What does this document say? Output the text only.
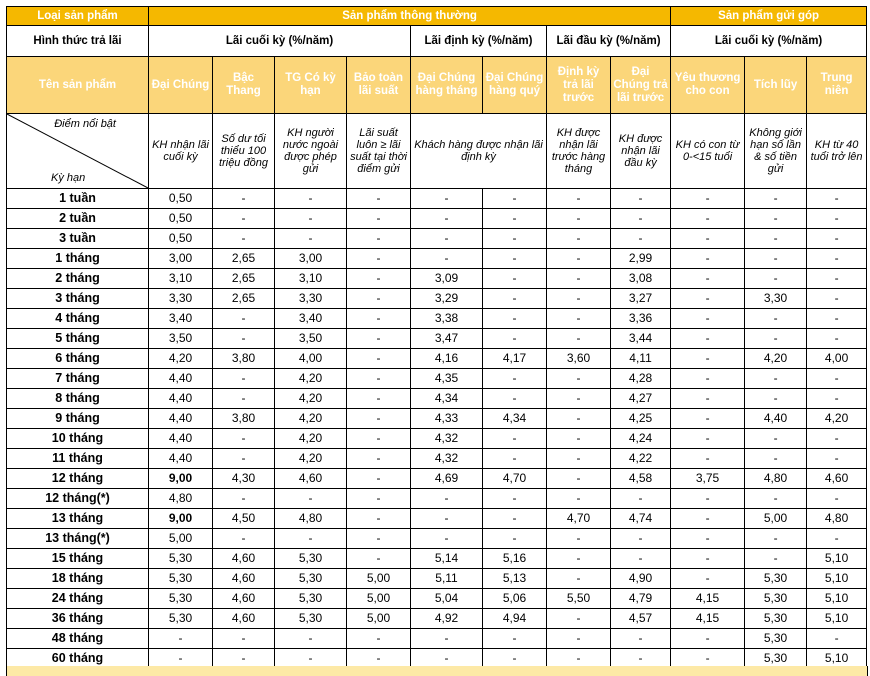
Loại sản phẩm	Sản phẩm thông thường								Sản phẩm gửi góp		
Hình thức trả lãi	Lãi cuối kỳ (%/năm)				Lãi định kỳ (%/năm)		Lãi đầu kỳ (%/năm)		Lãi cuối kỳ (%/năm)		
Tên sản phẩm	Đại Chúng	Bậc Thang	TG Có kỳ hạn	Bảo toàn lãi suất	Đại Chúng hàng tháng	Đại Chúng hàng quý	Định kỳ trả lãi trước	Đại Chúng trả lãi trước	Yêu thương cho con	Tích lũy	Trung niên

Điểm nổi bật
Kỳ hạn	KH nhận lãi cuối kỳ	Số dư tối thiểu 100 triệu đồng	KH người nước ngoài được phép gửi	Lãi suất luôn ≥ lãi suất tại thời điểm gửi	Khách hàng được nhận lãi định kỳ		KH được nhận lãi trước hàng tháng	KH được nhận lãi đầu kỳ	KH có con từ 0-<15 tuổi	Không giới hạn số lần & số tiền gửi	KH từ 40 tuổi trở lên
1 tuần	0,50	-	-	-	-	-	-	-	-	-	-
2 tuần	0,50	-	-	-	-	-	-	-	-	-	-
3 tuần	0,50	-	-	-	-	-	-	-	-	-	-
1 tháng	3,00	2,65	3,00	-	-	-	-	2,99	-	-	-
2 tháng	3,10	2,65	3,10	-	3,09	-	-	3,08	-	-	-
3 tháng	3,30	2,65	3,30	-	3,29	-	-	3,27	-	3,30	-
4 tháng	3,40	-	3,40	-	3,38	-	-	3,36	-	-	-
5 tháng	3,50	-	3,50	-	3,47	-	-	3,44	-	-	-
6 tháng	4,20	3,80	4,00	-	4,16	4,17	3,60	4,11	-	4,20	4,00
7 tháng	4,40	-	4,20	-	4,35	-	-	4,28	-	-	-
8 tháng	4,40	-	4,20	-	4,34	-	-	4,27	-	-	-
9 tháng	4,40	3,80	4,20	-	4,33	4,34	-	4,25	-	4,40	4,20
10 tháng	4,40	-	4,20	-	4,32	-	-	4,24	-	-	-
11 tháng	4,40	-	4,20	-	4,32	-	-	4,22	-	-	-
12 tháng	9,00	4,30	4,60	-	4,69	4,70	-	4,58	3,75	4,80	4,60
12 tháng(*)	4,80	-	-	-	-	-	-	-	-	-	-
13 tháng	9,00	4,50	4,80	-	-	-	4,70	4,74	-	5,00	4,80
13 tháng(*)	5,00	-	-	-	-	-	-	-	-	-	-
15 tháng	5,30	4,60	5,30	-	5,14	5,16	-	-	-	-	5,10
18 tháng	5,30	4,60	5,30	5,00	5,11	5,13	-	4,90	-	5,30	5,10
24 tháng	5,30	4,60	5,30	5,00	5,04	5,06	5,50	4,79	4,15	5,30	5,10
36 tháng	5,30	4,60	5,30	5,00	4,92	4,94	-	4,57	4,15	5,30	5,10
48 tháng	-	-	-	-	-	-	-	-	-	5,30	-
60 tháng	-	-	-	-	-	-	-	-	-	5,30	5,10
